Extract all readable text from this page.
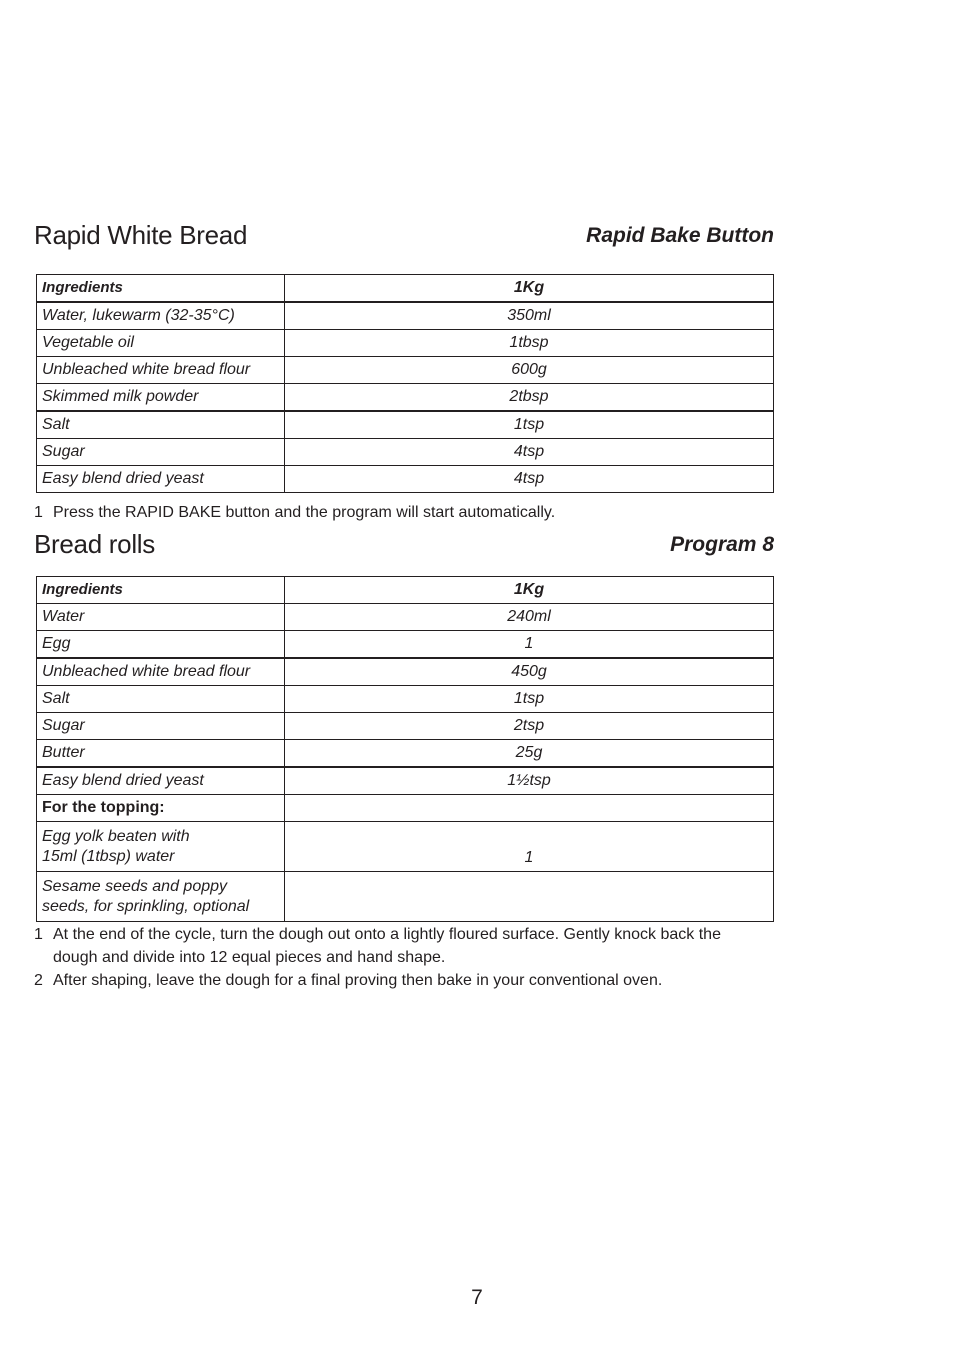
Rapid White Bread	Rapid Bake Button
Ingredients	1Kg
Water, lukewarm (32-35°C)	350ml
Vegetable oil	1tbsp
Unbleached white bread flour	600g
Skimmed milk powder	2tbsp
Salt	1tsp
Sugar	4tsp
Easy blend dried yeast	4tsp
1 Press the RAPID BAKE button and the program will start automatically.
Bread rolls	Program 8
Ingredients	1Kg
Water	240ml
Egg	1
Unbleached white bread flour	450g
Salt	1tsp
Sugar	2tsp
Butter	25g
Easy blend dried yeast	1½tsp
For the topping:	

Egg yolk beaten with
15ml (1tbsp) water	1

Sesame seeds and poppy
seeds, for sprinkling, optional	

1 At the end of the cycle, turn the dough out onto a lightly floured surface. Gently knock back the
dough and divide into 12 equal pieces and hand shape.
2 After shaping, leave the dough for a final proving then bake in your conventional oven.
7
